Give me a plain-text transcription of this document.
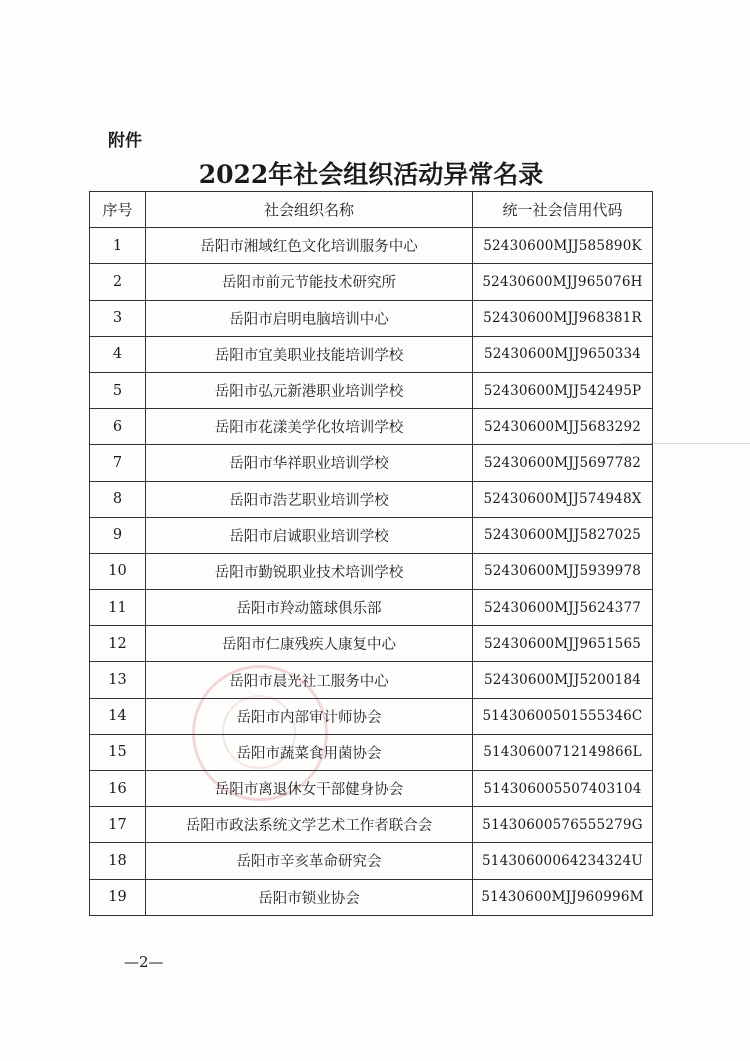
附件
2022年社会组织活动异常名录
序号	社会组织名称	统一社会信用代码
1	岳阳市湘域红色文化培训服务中心	52430600MJJ585890K
2	岳阳市前元节能技术研究所	52430600MJJ965076H
3	岳阳市启明电脑培训中心	52430600MJJ968381R
4	岳阳市宜美职业技能培训学校	52430600MJJ9650334
5	岳阳市弘元新港职业培训学校	52430600MJJ542495P
6	岳阳市花漾美学化妆培训学校	52430600MJJ5683292
7	岳阳市华祥职业培训学校	52430600MJJ5697782
8	岳阳市浩艺职业培训学校	52430600MJJ574948X
9	岳阳市启诚职业培训学校	52430600MJJ5827025
10	岳阳市勤锐职业技术培训学校	52430600MJJ5939978
11	岳阳市羚动篮球俱乐部	52430600MJJ5624377
12	岳阳市仁康残疾人康复中心	52430600MJJ9651565
13	岳阳市晨光社工服务中心	52430600MJJ5200184
14	岳阳市内部审计师协会	51430600501555346C
15	岳阳市蔬菜食用菌协会	51430600712149866L
16	岳阳市离退休女干部健身协会	514306005507403104
17	岳阳市政法系统文学艺术工作者联合会	51430600576555279G
18	岳阳市辛亥革命研究会	51430600064234324U
19	岳阳市锁业协会	51430600MJJ960996M
—2—
